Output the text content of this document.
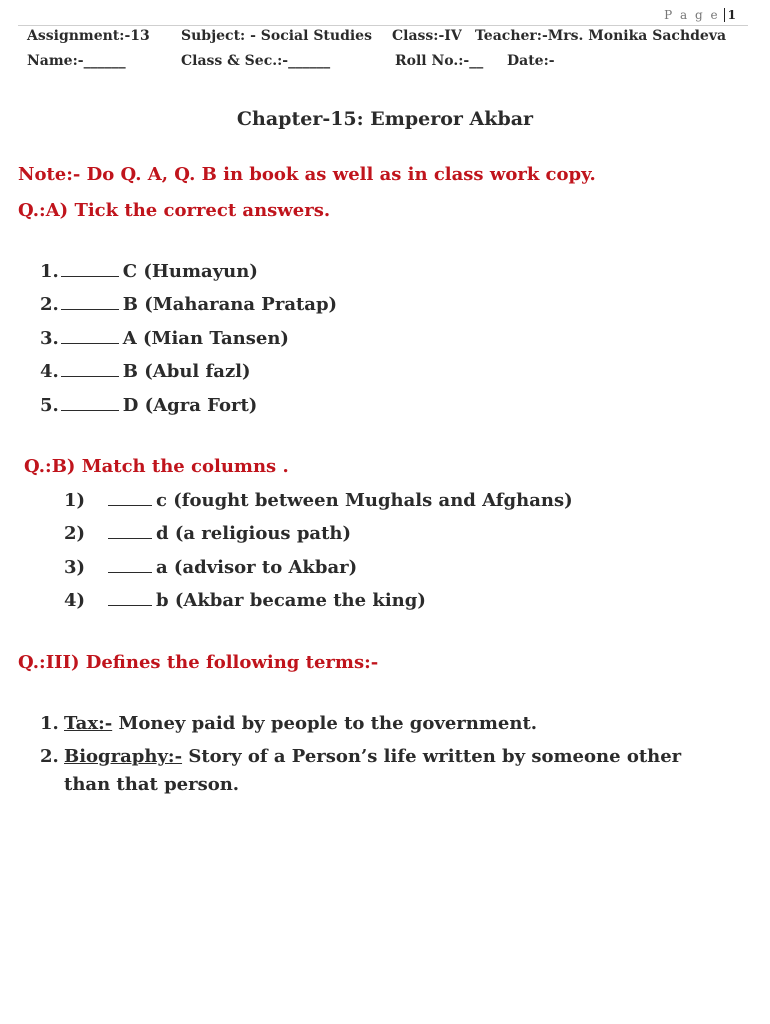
P a g e 1
Assignment:-13 Subject: - Social Studies Class:-IV Teacher:-Mrs. Monika Sachdeva
Name:-______	Class & Sec.:-______	Roll No.:-__ Date:-
Chapter-15: Emperor Akbar
Note:- Do Q. A, Q. B in book as well as in class work copy.
Q.:A) Tick the correct answers.
1.	C (Humayun)
2.	B (Maharana Pratap)
3.	A (Mian Tansen)
4.	B (Abul fazl)
5.	D (Agra Fort)
Q.:B) Match the columns .
1)	c (fought between Mughals and Afghans)
2)	d (a religious path)
3)	a (advisor to Akbar)
4)	b (Akbar became the king)
Q.:III) Defines the following terms:-
1. Tax:- Money paid by people to the government.
2. Biography:- Story of a Person’s life written by someone other
than that person.
